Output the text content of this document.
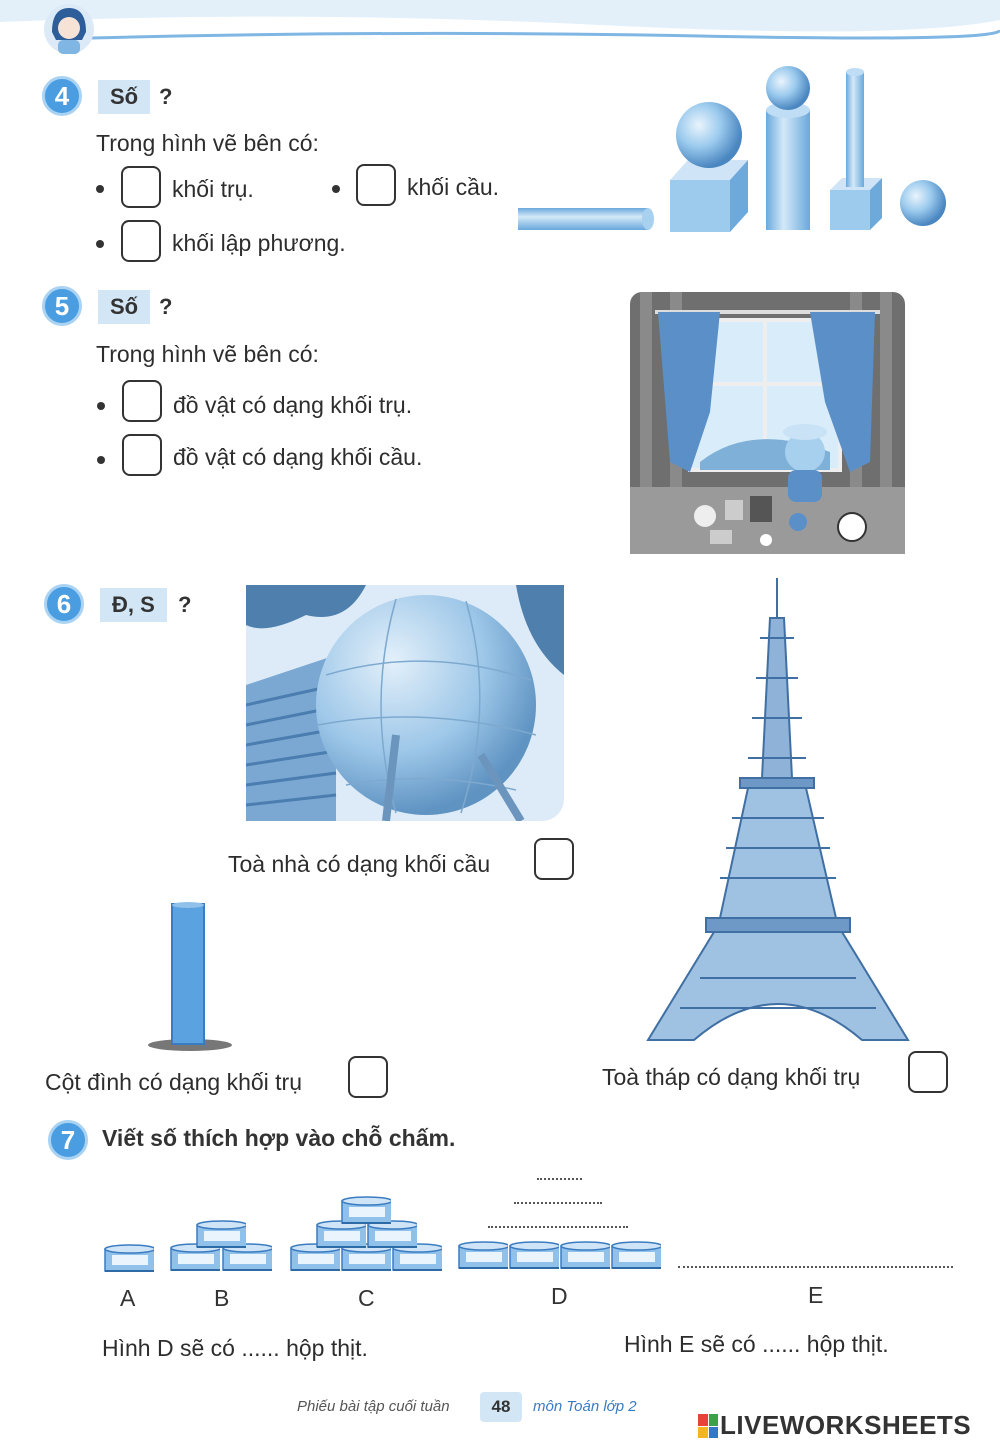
4	Số ?
Trong hình vẽ bên có:
khối trụ.	khối cầu.
khối lập phương.
5	Số ?
Trong hình vẽ bên có:
đồ vật có dạng khối trụ.
đồ vật có dạng khối cầu.
6	Đ, S	?
Toà nhà có dạng khối cầu
Cột đình có dạng khối trụ	Toà tháp có dạng khối trụ
7	Viết số thích hợp vào chỗ chấm.
A	B	C	D	E
Hình D sẽ có ...... hộp thịt.	Hình E sẽ có ...... hộp thịt.
Phiếu bài tập cuối tuần	48	môn Toán lớp 2
LIVEWORKSHEETS
